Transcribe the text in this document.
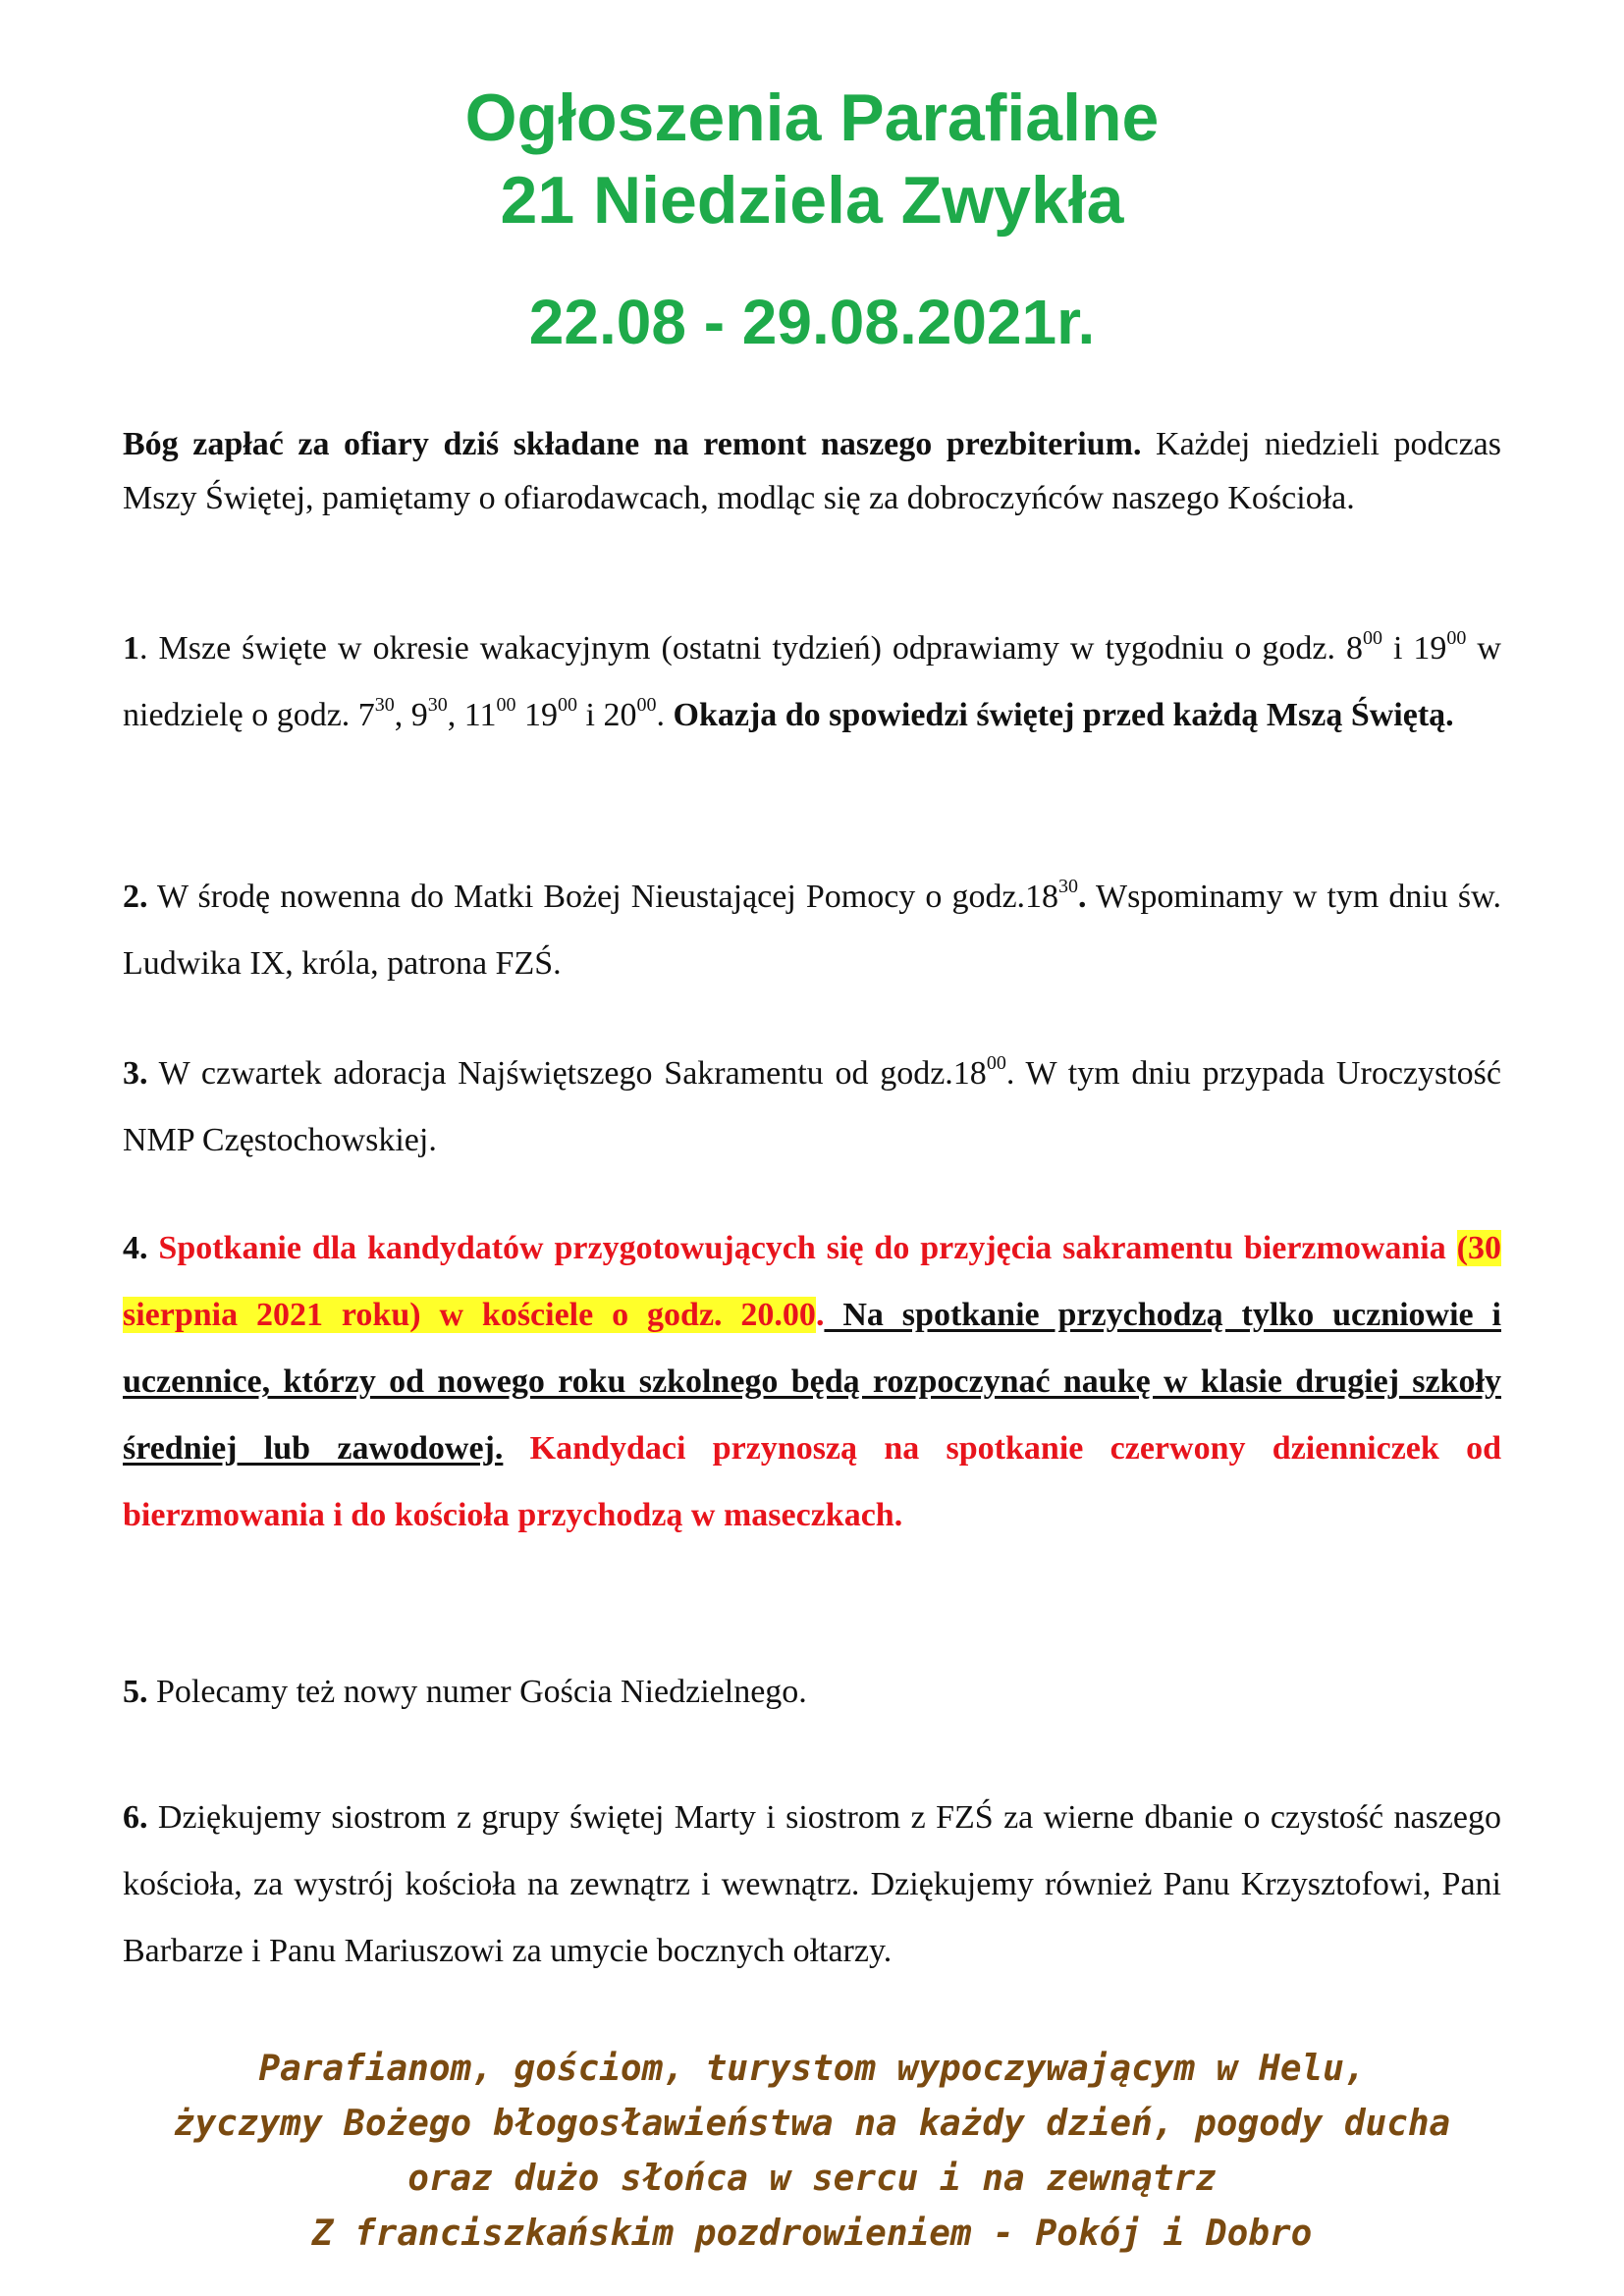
Ogłoszenia Parafialne
21 Niedziela Zwykła
22.08 - 29.08.2021r.
Bóg zapłać za ofiary dziś składane na remont naszego prezbiterium. Każdej niedzieli podczas Mszy Świętej, pamiętamy o ofiarodawcach, modląc się za dobroczyńców naszego Kościoła.
1. Msze święte w okresie wakacyjnym (ostatni tydzień) odprawiamy w tygodniu o godz. $8^{00}$ i $19^{00}$ w niedzielę o godz. $7^{30}$, $9^{30}$, $11^{00}$ $19^{00}$ i $20^{00}$. Okazja do spowiedzi świętej przed każdą Mszą Świętą.
2. W środę nowenna do Matki Bożej Nieustającej Pomocy o $godz.18^{30}$. Wspominamy w tym dniu św. Ludwika IX, króla, patrona FZŚ.
3. W czwartek adoracja Najświętszego Sakramentu od $godz.18^{00}$. W tym dniu przypada Uroczystość NMP Częstochowskiej.
4. Spotkanie dla kandydatów przygotowujących się do przyjęcia sakramentu bierzmowania (30 sierpnia 2021 roku) w kościele o godz. 20.00. Na spotkanie przychodzą tylko uczniowie i uczennice, którzy od nowego roku szkolnego będą rozpoczynać naukę w klasie drugiej szkoły średniej lub zawodowej. Kandydaci przynoszą na spotkanie czerwony dzienniczek od bierzmowania i do kościoła przychodzą w maseczkach.
5. Polecamy też nowy numer Gościa Niedzielnego.
6. Dziękujemy siostrom z grupy świętej Marty i siostrom z FZŚ za wierne dbanie o czystość naszego kościoła, za wystrój kościoła na zewnątrz i wewnątrz. Dziękujemy również Panu Krzysztofowi, Pani Barbarze i Panu Mariuszowi za umycie bocznych ołtarzy.
Parafianom, gościom, turystom wypoczywającym w Helu,
życzymy Bożego błogosławieństwa na każdy dzień, pogody ducha
oraz dużo słońca w sercu i na zewnątrz
Z franciszkańskim pozdrowieniem - Pokój i Dobro
